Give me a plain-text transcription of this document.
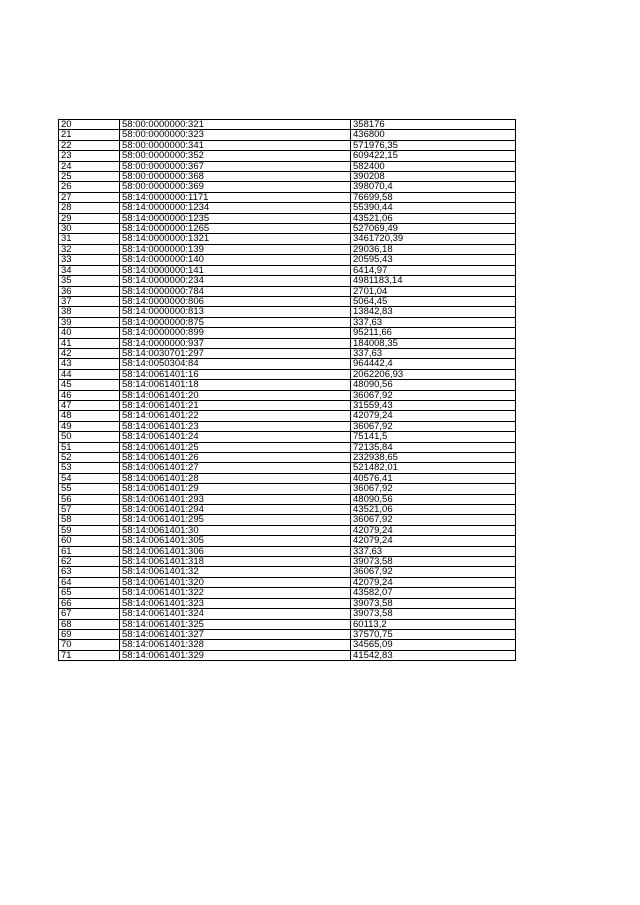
20	58:00:0000000:321	358176
21	58:00:0000000:323	436800
22	58:00:0000000:341	571976,35
23	58:00:0000000:352	609422,15
24	58:00:0000000:367	582400
25	58:00:0000000:368	390208
26	58:00:0000000:369	398070,4
27	58:14:0000000:1171	76699,58
28	58:14:0000000:1234	55390,44
29	58:14:0000000:1235	43521,06
30	58:14:0000000:1265	527069,49
31	58:14:0000000:1321	3461720,39
32	58:14:0000000:139	29036,18
33	58:14:0000000:140	20595,43
34	58:14:0000000:141	6414,97
35	58:14:0000000:234	4981183,14
36	58:14:0000000:784	2701,04
37	58:14:0000000:806	5064,45
38	58:14:0000000:813	13842,83
39	58:14:0000000:875	337,63
40	58:14:0000000:899	95211,66
41	58:14:0000000:937	184008,35
42	58:14:0030701:297	337,63
43	58:14:0050304:84	964442,4
44	58:14:0061401:16	2062206,93
45	58:14:0061401:18	48090,56
46	58:14:0061401:20	36067,92
47	58:14:0061401:21	31559,43
48	58:14:0061401:22	42079,24
49	58:14:0061401:23	36067,92
50	58:14:0061401:24	75141,5
51	58:14:0061401:25	72135,84
52	58:14:0061401:26	232938,65
53	58:14:0061401:27	521482,01
54	58:14:0061401:28	40576,41
55	58:14:0061401:29	36067,92
56	58:14:0061401:293	48090,56
57	58:14:0061401:294	43521,06
58	58:14:0061401:295	36067,92
59	58:14:0061401:30	42079,24
60	58:14:0061401:305	42079,24
61	58:14:0061401:306	337,63
62	58:14:0061401:318	39073,58
63	58:14:0061401:32	36067,92
64	58:14:0061401:320	42079,24
65	58:14:0061401:322	43582,07
66	58:14:0061401:323	39073,58
67	58:14:0061401:324	39073,58
68	58:14:0061401:325	60113,2
69	58:14:0061401:327	37570,75
70	58:14:0061401:328	34565,09
71	58:14:0061401:329	41542,83
